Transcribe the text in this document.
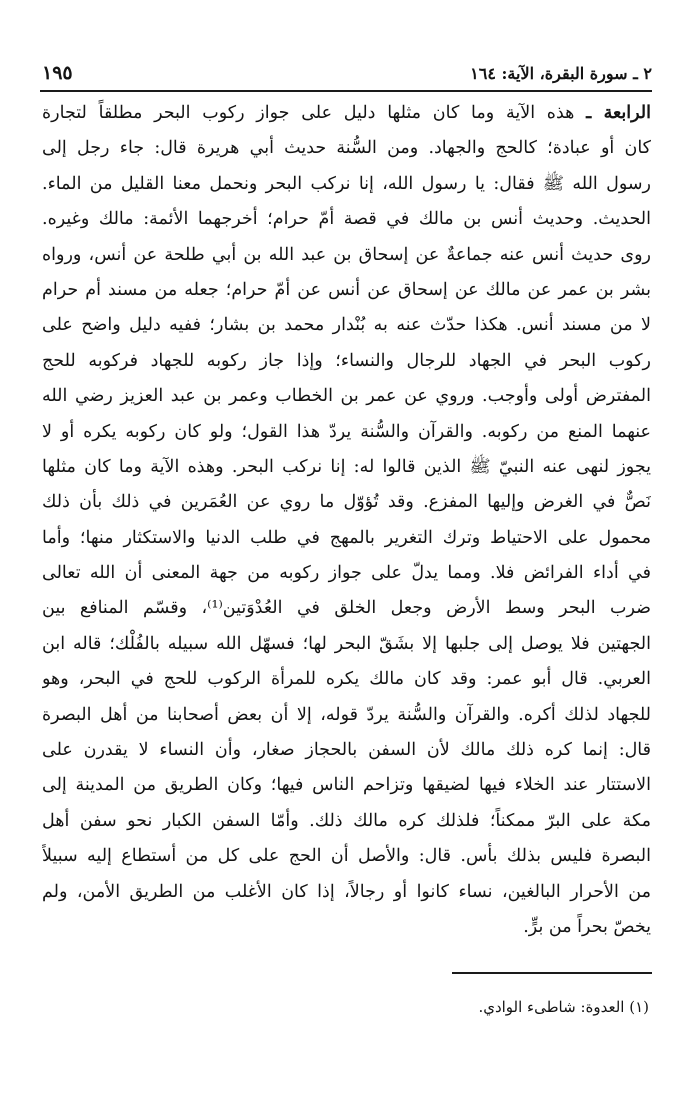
٢ ـ سورة البقرة، الآية: ١٦٤
١٩٥
الرابعة ـ هذه الآية وما كان مثلها دليل على جواز ركوب البحر مطلقاً لتجارة
كان أو عبادة؛ كالحج والجهاد. ومن السُّنة حديث أبي هريرة قال: جاء رجل إلى
رسول الله ﷺ فقال: يا رسول الله، إنا نركب البحر ونحمل معنا القليل من الماء.
الحديث. وحديث أنس بن مالك في قصة أمّ حرام؛ أخرجهما الأئمة: مالك وغيره.
روى حديث أنس عنه جماعةٌ عن إسحاق بن عبد الله بن أبي طلحة عن أنس، ورواه
بشر بن عمر عن مالك عن إسحاق عن أنس عن أمّ حرام؛ جعله من مسند أم حرام
لا من مسند أنس. هكذا حدّث عنه به بُنْدار محمد بن بشار؛ ففيه دليل واضح على
ركوب البحر في الجهاد للرجال والنساء؛ وإذا جاز ركوبه للجهاد فركوبه للحج
المفترض أولى وأوجب. وروي عن عمر بن الخطاب وعمر بن عبد العزيز رضي الله
عنهما المنع من ركوبه. والقرآن والسُّنة يردّ هذا القول؛ ولو كان ركوبه يكره أو لا
يجوز لنهى عنه النبيّ ﷺ الذين قالوا له: إنا نركب البحر. وهذه الآية وما كان مثلها
نَصٌّ في الغرض وإليها المفزع. وقد تُؤوّل ما روي عن العُمَرين في ذلك بأن ذلك
محمول على الاحتياط وترك التغرير بالمهج في طلب الدنيا والاستكثار منها؛ وأما
في أداء الفرائض فلا. ومما يدلّ على جواز ركوبه من جهة المعنى أن الله تعالى
ضرب البحر وسط الأرض وجعل الخلق في العُدْوَتين⁽¹⁾، وقسّم المنافع بين
الجهتين فلا يوصل إلى جلبها إلا بشَقّ البحر لها؛ فسهّل الله سبيله بالفُلْك؛ قاله ابن
العربي. قال أبو عمر: وقد كان مالك يكره للمرأة الركوب للحج في البحر، وهو
للجهاد لذلك أكره. والقرآن والسُّنة يردّ قوله، إلا أن بعض أصحابنا من أهل البصرة
قال: إنما كره ذلك مالك لأن السفن بالحجاز صغار، وأن النساء لا يقدرن على
الاستتار عند الخلاء فيها لضيقها وتزاحم الناس فيها؛ وكان الطريق من المدينة إلى
مكة على البرّ ممكناً؛ فلذلك كره مالك ذلك. وأمّا السفن الكبار نحو سفن أهل
البصرة فليس بذلك بأس. قال: والأصل أن الحج على كل من أستطاع إليه سبيلاً
من الأحرار البالغين، نساء كانوا أو رجالاً، إذا كان الأغلب من الطريق الأمن، ولم
يخصّ بحراً من برٍّ.
(١) العدوة: شاطىء الوادي.
